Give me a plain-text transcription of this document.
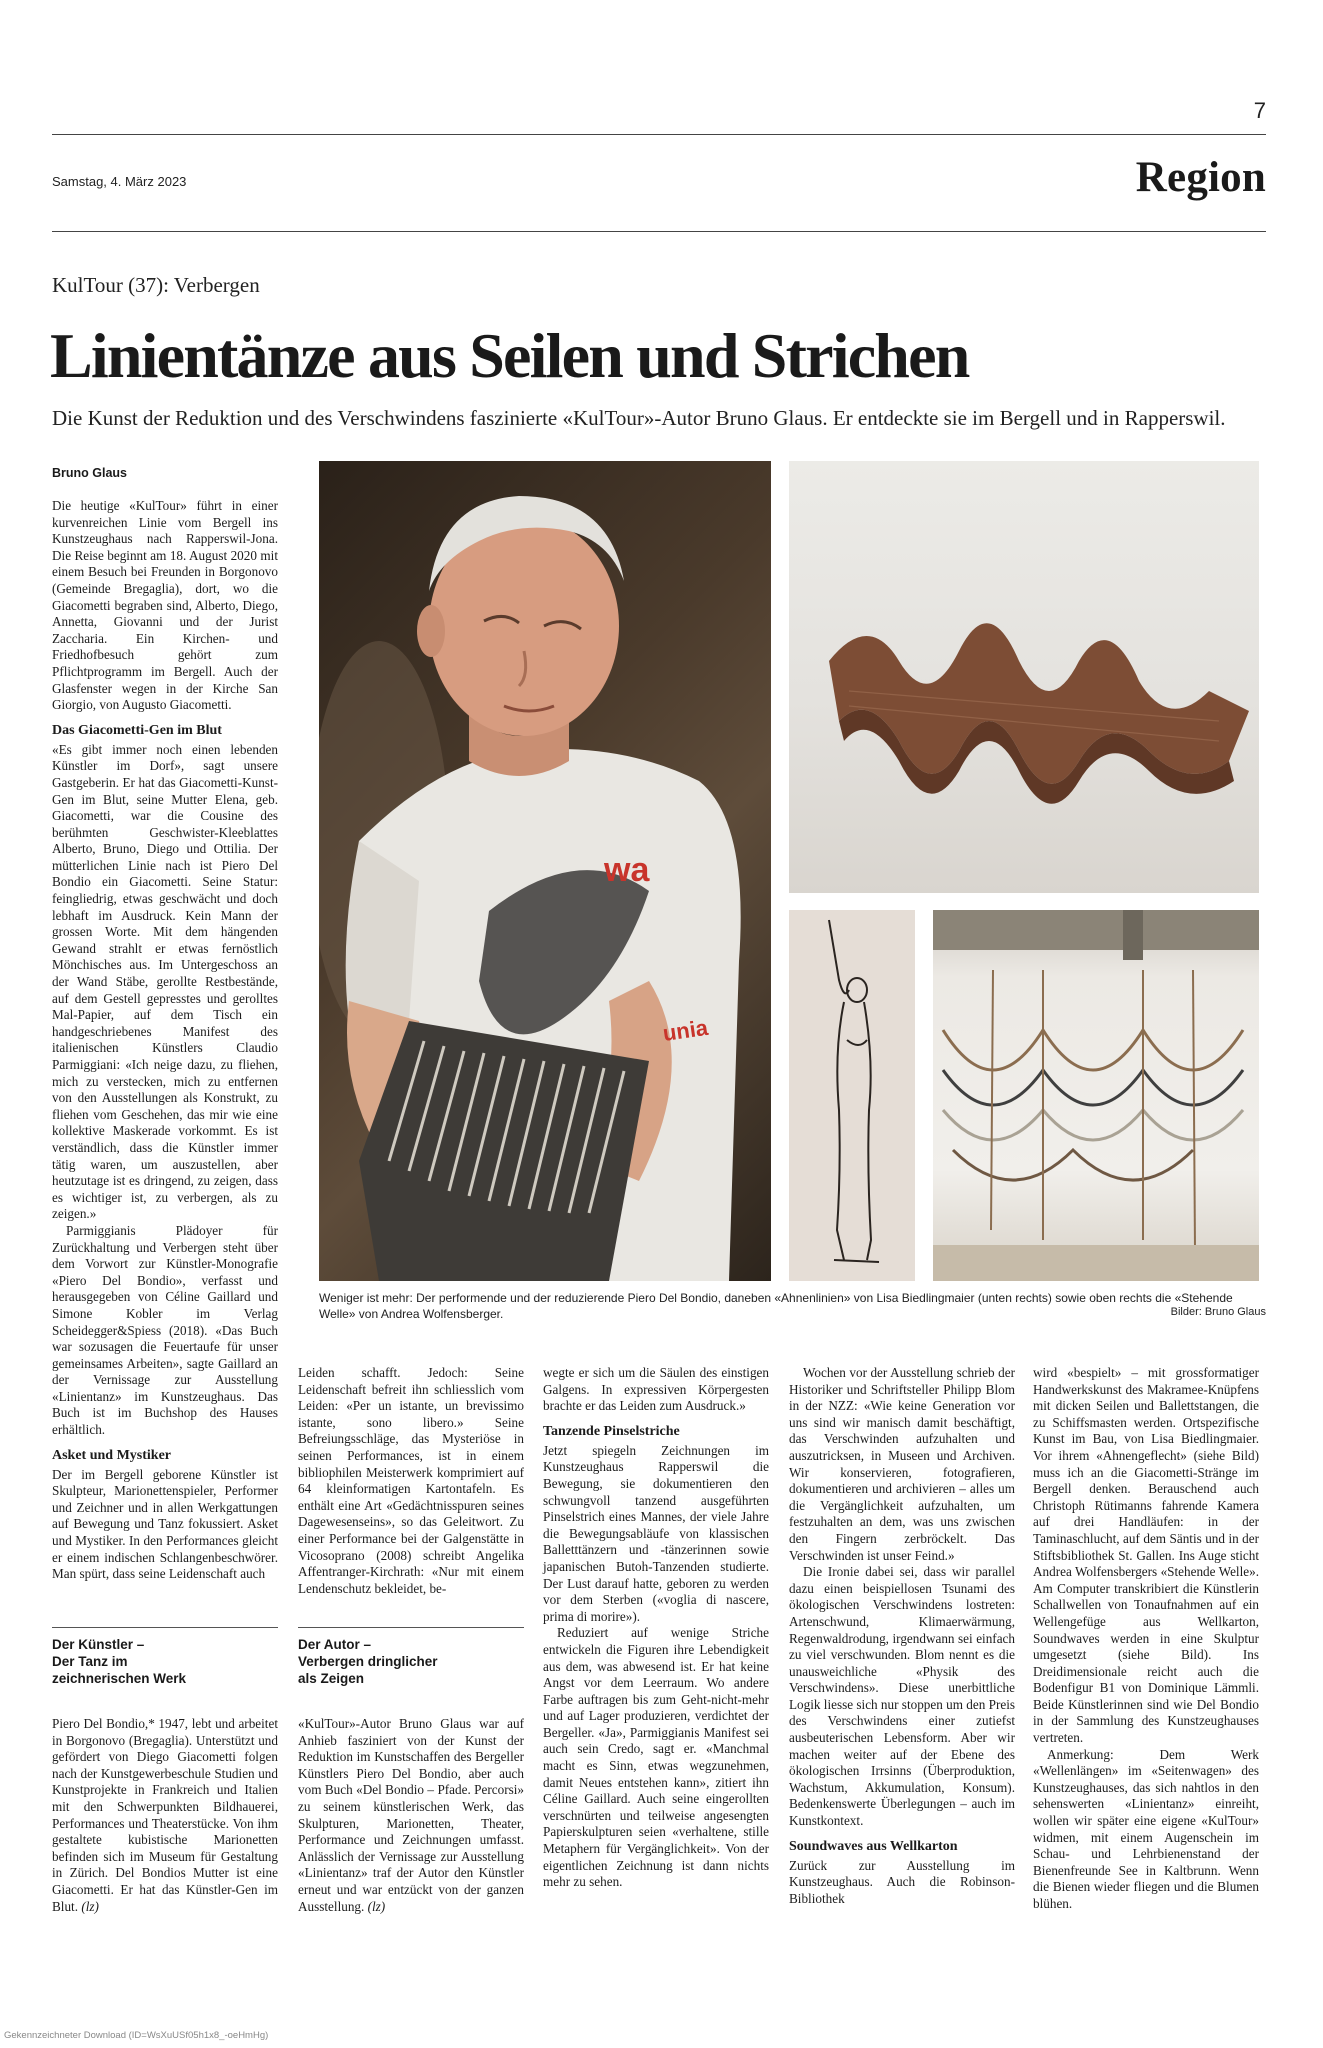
7
Samstag, 4. März 2023	Region
KulTour (37): Verbergen
Linientänze aus Seilen und Strichen
Die Kunst der Reduktion und des Verschwindens faszinierte «KulTour»-Autor Bruno Glaus. Er entdeckte sie im Bergell und in Rapperswil.
Bruno Glaus

Die heutige «KulTour» führt in einer kurvenreichen Linie vom Bergell ins Kunstzeughaus nach Rapperswil-Jona. Die Reise beginnt am 18. August 2020 mit einem Besuch bei Freunden in Borgonovo (Gemeinde Bregaglia), dort, wo die Giacometti begraben sind, Alberto, Diego, Annetta, Giovanni und der Jurist Zaccharia. Ein Kirchen- und Friedhofbesuch gehört zum Pflichtprogramm im Bergell. Auch der Glasfenster wegen in der Kirche San Giorgio, von Augusto Giacometti.

Das Giacometti-Gen im Blut

«Es gibt immer noch einen lebenden Künstler im Dorf», sagt unsere Gastgeberin. Er hat das Giacometti-Kunst-Gen im Blut, seine Mutter Elena, geb. Giacometti, war die Cousine des berühmten Geschwister-Kleeblattes Alberto, Bruno, Diego und Ottilia. Der mütterlichen Linie nach ist Piero Del Bondio ein Giacometti. Seine Statur: feingliedrig, etwas geschwächt und doch lebhaft im Ausdruck. Kein Mann der grossen Worte. Mit dem hängenden Gewand strahlt er etwas fernöstlich Mönchisches aus. Im Untergeschoss an der Wand Stäbe, gerollte Restbestände, auf dem Gestell gepresstes und gerolltes Mal-Papier, auf dem Tisch ein handgeschriebenes Manifest des italienischen Künstlers Claudio Parmiggiani: «Ich neige dazu, zu fliehen, mich zu verstecken, mich zu entfernen von den Ausstellungen als Konstrukt, zu fliehen vom Geschehen, das mir wie eine kollektive Maskerade vorkommt. Es ist verständlich, dass die Künstler immer tätig waren, um auszustellen, aber heutzutage ist es dringend, zu zeigen, dass es wichtiger ist, zu verbergen, als zu zeigen.»

Parmiggianis Plädoyer für Zurückhaltung und Verbergen steht über dem Vorwort zur Künstler-Monografie «Piero Del Bondio», verfasst und herausgegeben von Céline Gaillard und Simone Kobler im Verlag Scheidegger&Spiess (2018). «Das Buch war sozusagen die Feuertaufe für unser gemeinsames Arbeiten», sagte Gaillard an der Vernissage zur Ausstellung «Linientanz» im Kunstzeughaus. Das Buch ist im Buchshop des Hauses erhältlich.

Asket und Mystiker

Der im Bergell geborene Künstler ist Skulpteur, Marionettenspieler, Performer und Zeichner und in allen Werkgattungen auf Bewegung und Tanz fokussiert. Asket und Mystiker. In den Performances gleicht er einem indischen Schlangenbeschwörer. Man spürt, dass seine Leidenschaft auch

wa
unia
Weniger ist mehr: Der performende und der reduzierende Piero Del Bondio, daneben «Ahnenlinien» von Lisa Biedlingmaier (unten rechts) sowie oben rechts die «Stehende Welle» von Andrea Wolfensberger.	Bilder: Bruno Glaus

Leiden schafft. Jedoch: Seine Leidenschaft befreit ihn schliesslich vom Leiden: «Per un istante, un brevissimo istante, sono libero.» Seine Befreiungsschläge, das Mysteriöse in seinen Performances, ist in einem bibliophilen Meisterwerk komprimiert auf 64 kleinformatigen Kartontafeln. Es enthält eine Art «Gedächtnisspuren seines Dagewesenseins», so das Geleitwort. Zu einer Performance bei der Galgenstätte in Vicosoprano (2008) schreibt Angelika Affentranger-Kirchrath: «Nur mit einem Lendenschutz bekleidet, be-

wegte er sich um die Säulen des einstigen Galgens. In expressiven Körpergesten brachte er das Leiden zum Ausdruck.»

Tanzende Pinselstriche

Jetzt spiegeln Zeichnungen im Kunstzeughaus Rapperswil die Bewegung, sie dokumentieren den schwungvoll tanzend ausgeführten Pinselstrich eines Mannes, der viele Jahre die Bewegungsabläufe von klassischen Balletttänzern und -tänzerinnen sowie japanischen Butoh-Tanzenden studierte. Der Lust darauf hatte, geboren zu werden vor dem Sterben («voglia di nascere, prima di morire»).

Reduziert auf wenige Striche entwickeln die Figuren ihre Lebendigkeit aus dem, was abwesend ist. Er hat keine Angst vor dem Leerraum. Wo andere Farbe auftragen bis zum Geht-nicht-mehr und auf Lager produzieren, verdichtet der Bergeller. «Ja», Parmiggianis Manifest sei auch sein Credo, sagt er. «Manchmal macht es Sinn, etwas wegzunehmen, damit Neues entstehen kann», zitiert ihn Céline Gaillard. Auch seine eingerollten verschnürten und teilweise angesengten Papierskulpturen seien «verhaltene, stille Metaphern für Vergänglichkeit». Von der eigentlichen Zeichnung ist dann nichts mehr zu sehen.

Wochen vor der Ausstellung schrieb der Historiker und Schriftsteller Philipp Blom in der NZZ: «Wie keine Generation vor uns sind wir manisch damit beschäftigt, das Verschwinden aufzuhalten und auszutricksen, in Museen und Archiven. Wir konservieren, fotografieren, dokumentieren und archivieren – alles um die Vergänglichkeit aufzuhalten, um festzuhalten an dem, was uns zwischen den Fingern zerbröckelt. Das Verschwinden ist unser Feind.»

Die Ironie dabei sei, dass wir parallel dazu einen beispiellosen Tsunami des ökologischen Verschwindens lostreten: Artenschwund, Klimaerwärmung, Regenwaldrodung, irgendwann sei einfach zu viel verschwunden. Blom nennt es die unausweichliche «Physik des Verschwindens». Diese unerbittliche Logik liesse sich nur stoppen um den Preis des Verschwindens einer zutiefst ausbeuterischen Lebensform. Aber wir machen weiter auf der Ebene des ökologischen Irrsinns (Überproduktion, Wachstum, Akkumulation, Konsum). Bedenkenswerte Überlegungen – auch im Kunstkontext.

Soundwaves aus Wellkarton

Zurück zur Ausstellung im Kunstzeughaus. Auch die Robinson-Bibliothek

wird «bespielt» – mit grossformatiger Handwerkskunst des Makramee-Knüpfens mit dicken Seilen und Ballettstangen, die zu Schiffsmasten werden. Ortspezifische Kunst im Bau, von Lisa Biedlingmaier. Vor ihrem «Ahnengeflecht» (siehe Bild) muss ich an die Giacometti-Stränge im Bergell denken. Berauschend auch Christoph Rütimanns fahrende Kamera auf drei Handläufen: in der Taminaschlucht, auf dem Säntis und in der Stiftsbibliothek St. Gallen. Ins Auge sticht Andrea Wolfensbergers «Stehende Welle». Am Computer transkribiert die Künstlerin Schallwellen von Tonaufnahmen auf ein Wellengefüge aus Wellkarton, Soundwaves werden in eine Skulptur umgesetzt (siehe Bild). Ins Dreidimensionale reicht auch die Bodenfigur B1 von Dominique Lämmli. Beide Künstlerinnen sind wie Del Bondio in der Sammlung des Kunstzeughauses vertreten.

Anmerkung: Dem Werk «Wellenlängen» im «Seitenwagen» des Kunstzeughauses, das sich nahtlos in den sehenswerten «Linientanz» einreiht, wollen wir später eine eigene «KulTour» widmen, mit einem Augenschein im Schau- und Lehrbienenstand der Bienenfreunde See in Kaltbrunn. Wenn die Bienen wieder fliegen und die Blumen blühen.

Der Künstler –
Der Tanz im
zeichnerischen Werk

Piero Del Bondio,* 1947, lebt und arbeitet in Borgonovo (Bregaglia). Unterstützt und gefördert von Diego Giacometti folgen nach der Kunstgewerbeschule Studien und Kunstprojekte in Frankreich und Italien mit den Schwerpunkten Bildhauerei, Performances und Theaterstücke. Von ihm gestaltete kubistische Marionetten befinden sich im Museum für Gestaltung in Zürich. Del Bondios Mutter ist eine Giacometti. Er hat das Künstler-Gen im Blut. (lz)

Der Autor –
Verbergen dringlicher
als Zeigen

«KulTour»-Autor Bruno Glaus war auf Anhieb fasziniert von der Kunst der Reduktion im Kunstschaffen des Bergeller Künstlers Piero Del Bondio, aber auch vom Buch «Del Bondio – Pfade. Percorsi» zu seinem künstlerischen Werk, das Skulpturen, Marionetten, Theater, Performance und Zeichnungen umfasst. Anlässlich der Vernissage zur Ausstellung «Linientanz» traf der Autor den Künstler erneut und war entzückt von der ganzen Ausstellung. (lz)

Gekennzeichneter Download (ID=WsXuUSf05h1x8_-oeHmHg)
